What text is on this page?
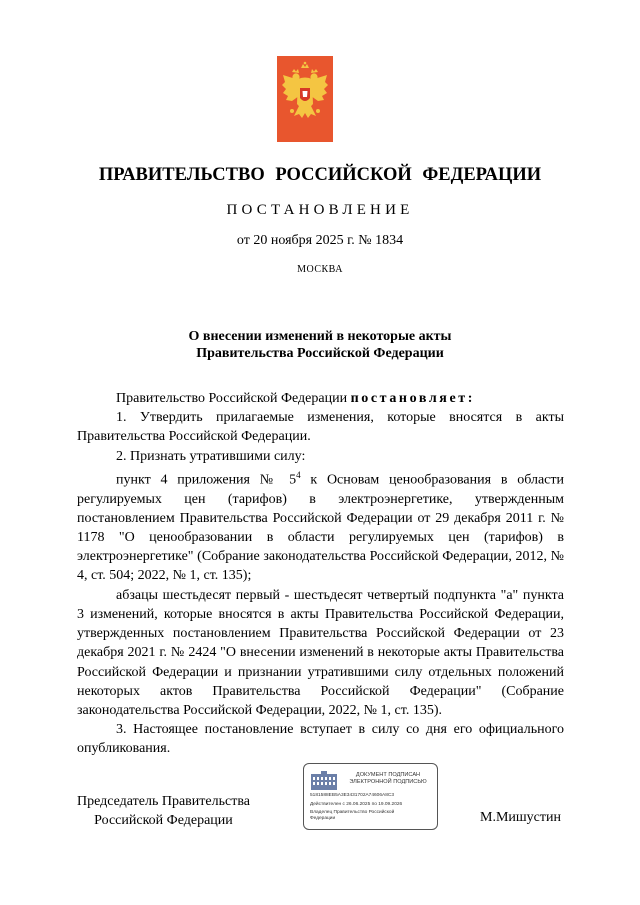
ПРАВИТЕЛЬСТВО РОССИЙСКОЙ ФЕДЕРАЦИИ
ПОСТАНОВЛЕНИЕ
от 20 ноября 2025 г. № 1834
МОСКВА
О внесении изменений в некоторые акты
Правительства Российской Федерации

Правительство Российской Федерации постановляет:

1. Утвердить прилагаемые изменения, которые вносятся в акты Правительства Российской Федерации.

2. Признать утратившими силу:

пункт 4 приложения № $5^4$ к Основам ценообразования в области регулируемых цен (тарифов) в электроэнергетике, утвержденным постановлением Правительства Российской Федерации от 29 декабря 2011 г. № 1178 "О ценообразовании в области регулируемых цен (тарифов) в электроэнергетике" (Собрание законодательства Российской Федерации, 2012, № 4, ст. 504; 2022, № 1, ст. 135);

абзацы шестьдесят первый - шестьдесят четвертый подпункта "а" пункта 3 изменений, которые вносятся в акты Правительства Российской Федерации, утвержденных постановлением Правительства Российской Федерации от 23 декабря 2021 г. № 2424 "О внесении изменений в некоторые акты Правительства Российской Федерации и признании утратившими силу отдельных положений некоторых актов Правительства Российской Федерации" (Собрание законодательства Российской Федерации, 2022, № 1, ст. 135).

3. Настоящее постановление вступает в силу со дня его официального опубликования.

Председатель Правительства
Российской Федерации
ДОКУМЕНТ ПОДПИСАН
ЭЛЕКТРОННОЙ ПОДПИСЬЮ
5181588EB5A3E3431702A74606A8C3
Действителен с 26.06.2025 по 19.09.2026
Владелец Правительство Российской
Федерации	М.Мишустин
